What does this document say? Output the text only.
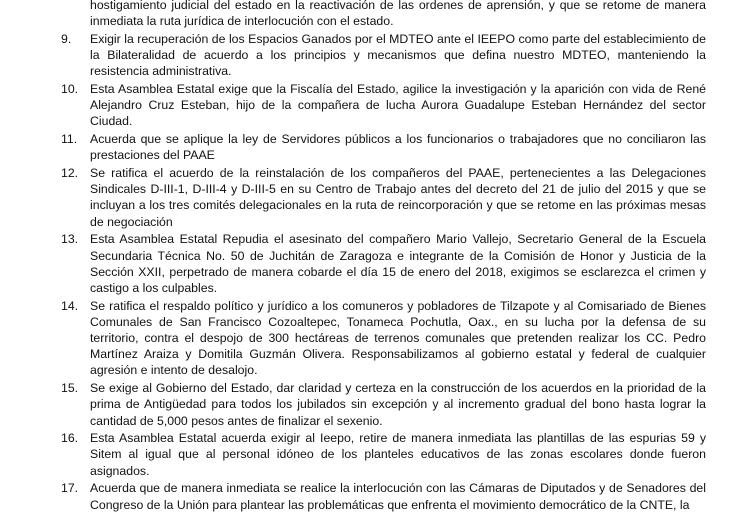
hostigamiento judicial del estado en la reactivación de las ordenes de aprensión, y que se retome de manera inmediata la ruta jurídica de interlocución con el estado.
9. Exigir la recuperación de los Espacios Ganados por el MDTEO ante el IEEPO como parte del establecimiento de la Bilateralidad de acuerdo a los principios y mecanismos que defina nuestro MDTEO, manteniendo la resistencia administrativa.
10. Esta Asamblea Estatal exige que la Fiscalía del Estado, agilice la investigación y la aparición con vida de René Alejandro Cruz Esteban, hijo de la compañera de lucha Aurora Guadalupe Esteban Hernández del sector Ciudad.
11. Acuerda que se aplique la ley de Servidores públicos a los funcionarios o trabajadores que no conciliaron las prestaciones del PAAE
12. Se ratifica el acuerdo de la reinstalación de los compañeros del PAAE, pertenecientes a las Delegaciones Sindicales D-III-1, D-III-4 y D-III-5 en su Centro de Trabajo antes del decreto del 21 de julio del 2015 y que se incluyan a los tres comités delegacionales en la ruta de reincorporación y que se retome en las próximas mesas de negociación
13. Esta Asamblea Estatal Repudia el asesinato del compañero Mario Vallejo, Secretario General de la Escuela Secundaria Técnica No. 50 de Juchitán de Zaragoza e integrante de la Comisión de Honor y Justicia de la Sección XXII, perpetrado de manera cobarde el día 15 de enero del 2018, exigimos se esclarezca el crimen y castigo a los culpables.
14. Se ratifica el respaldo político y jurídico a los comuneros y pobladores de Tilzapote y al Comisariado de Bienes Comunales de San Francisco Cozoaltepec, Tonameca Pochutla, Oax., en su lucha por la defensa de su territorio, contra el despojo de 300 hectáreas de terrenos comunales que pretenden realizar los CC. Pedro Martínez Araiza y Domitila Guzmán Olivera. Responsabilizamos al gobierno estatal y federal de cualquier agresión e intento de desalojo.
15. Se exige al Gobierno del Estado, dar claridad y certeza en la construcción de los acuerdos en la prioridad de la prima de Antigüedad para todos los jubilados sin excepción y al incremento gradual del bono hasta lograr la cantidad de 5,000 pesos antes de finalizar el sexenio.
16. Esta Asamblea Estatal acuerda exigir al Ieepo, retire de manera inmediata las plantillas de las espurias 59 y Sitem al igual que al personal idóneo de los planteles educativos de las zonas escolares donde fueron asignados.
17. Acuerda que de manera inmediata se realice la interlocución con las Cámaras de Diputados y de Senadores del Congreso de la Unión para plantear las problemáticas que enfrenta el movimiento democrático de la CNTE, la
